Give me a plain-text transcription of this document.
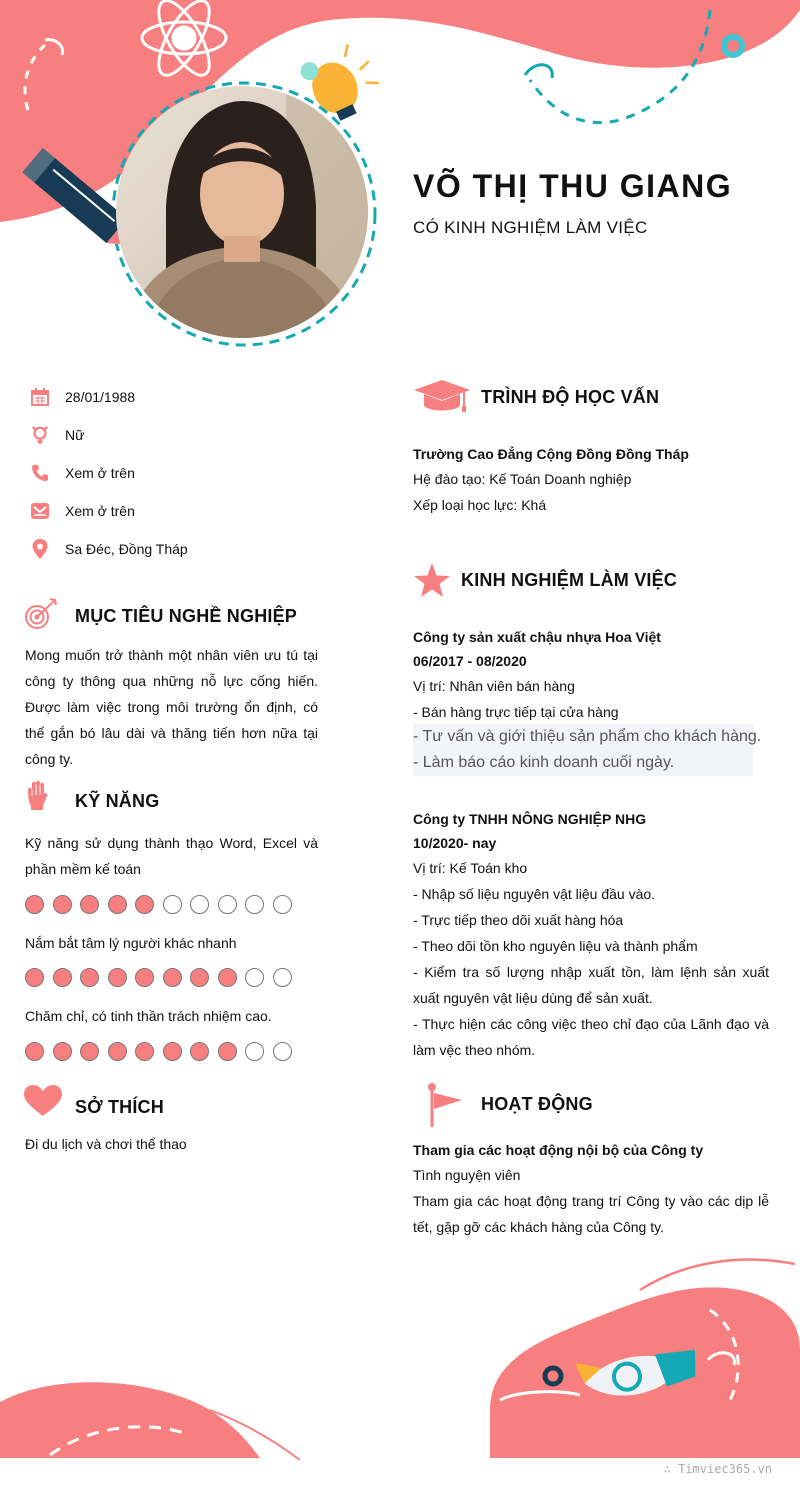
VÕ THỊ THU GIANG
CÓ KINH NGHIỆM LÀM VIỆC
28/01/1988
Nữ
Xem ở trên
Xem ở trên
Sa Đéc, Đồng Tháp
MỤC TIÊU NGHỀ NGHIỆP
Mong muốn trở thành một nhân viên ưu tú tại công ty thông qua những nỗ lực cống hiến. Được làm việc trong môi trường ổn định, có thể gắn bó lâu dài và thăng tiến hơn nữa tại công ty.
KỸ NĂNG
Kỹ năng sử dụng thành thạo Word, Excel và phần mềm kế toán
Nắm bắt tâm lý người khác nhanh
Chăm chỉ, có tinh thần trách nhiệm cao.
SỞ THÍCH
Đi du lịch và chơi thể thao
TRÌNH ĐỘ HỌC VẤN
Trường Cao Đẳng Cộng Đồng Đồng Tháp
Hệ đào tạo: Kế Toán Doanh nghiệp
Xếp loại học lực: Khá
KINH NGHIỆM LÀM VIỆC
Công ty sản xuất chậu nhựa Hoa Việt
06/2017 - 08/2020
Vị trí: Nhân viên bán hàng
- Bán hàng trực tiếp tại cửa hàng
- Tư vấn và giới thiệu sản phẩm cho khách hàng.
- Làm báo cáo kinh doanh cuối ngày.
Công ty TNHH NÔNG NGHIỆP NHG
10/2020- nay
Vị trí: Kế Toán kho
- Nhập số liệu nguyên vật liệu đầu vào.
- Trực tiếp theo dõi xuất hàng hóa
- Theo dõi tồn kho nguyên liệu và thành phẩm
- Kiểm tra số lượng nhập xuất tồn, làm lệnh sản xuất xuất nguyên vật liệu dùng để sản xuất.
- Thực hiện các công việc theo chỉ đạo của Lãnh đạo và làm vệc theo nhóm.
HOẠT ĐỘNG
Tham gia các hoạt động nội bộ của Công ty
Tình nguyện viên
Tham gia các hoạt động trang trí Công ty vào các dịp lễ tết, gặp gỡ các khách hàng của Công ty.
∴ Timviec365.vn
